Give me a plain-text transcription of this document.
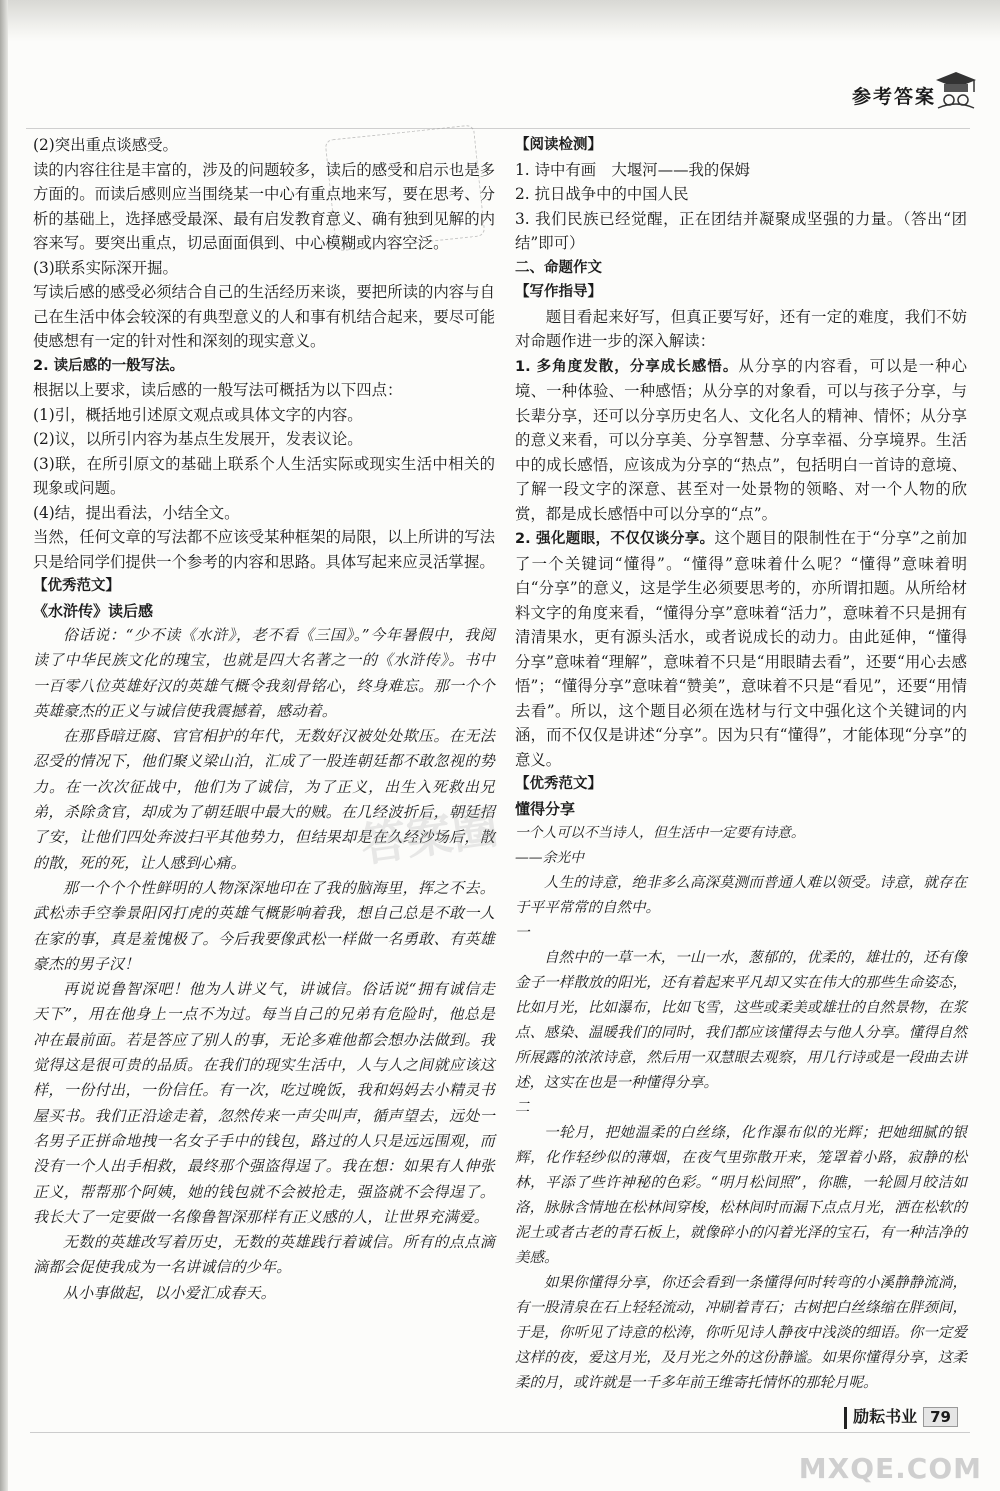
参考答案

(2)突出重点谈感受。

读的内容往往是丰富的，涉及的问题较多，读后的感受和启示也是多方面的。而读后感则应当围绕某一中心有重点地来写，要在思考、分析的基础上，选择感受最深、最有启发教育意义、确有独到见解的内容来写。要突出重点，切忌面面俱到、中心模糊或内容空泛。

(3)联系实际深开掘。

写读后感的感受必须结合自己的生活经历来谈，要把所读的内容与自己在生活中体会较深的有典型意义的人和事有机结合起来，要尽可能使感想有一定的针对性和深刻的现实意义。

2. 读后感的一般写法。

根据以上要求，读后感的一般写法可概括为以下四点：

(1)引，概括地引述原文观点或具体文字的内容。

(2)议，以所引内容为基点生发展开，发表议论。

(3)联，在所引原文的基础上联系个人生活实际或现实生活中相关的现象或问题。

(4)结，提出看法，小结全文。

当然，任何文章的写法都不应该受某种框架的局限，以上所讲的写法只是给同学们提供一个参考的内容和思路。具体写起来应灵活掌握。

【优秀范文】

《水浒传》读后感

俗话说：“少不读《水浒》，老不看《三国》。”今年暑假中，我阅读了中华民族文化的瑰宝，也就是四大名著之一的《水浒传》。书中一百零八位英雄好汉的英雄气概令我刻骨铭心，终身难忘。那一个个英雄豪杰的正义与诚信使我震撼着，感动着。

在那昏暗迂腐、官官相护的年代，无数好汉被处处欺压。在无法忍受的情况下，他们聚义梁山泊，汇成了一股连朝廷都不敢忽视的势力。在一次次征战中，他们为了诚信，为了正义，出生入死救出兄弟，杀除贪官，却成为了朝廷眼中最大的贼。在几经波折后，朝廷招了安，让他们四处奔波扫平其他势力，但结果却是在久经沙场后，散的散，死的死，让人感到心痛。

那一个个个性鲜明的人物深深地印在了我的脑海里，挥之不去。武松赤手空拳景阳冈打虎的英雄气概影响着我，想自己总是不敢一人在家的事，真是羞愧极了。今后我要像武松一样做一名勇敢、有英雄豪杰的男子汉！

再说说鲁智深吧！他为人讲义气，讲诚信。俗话说“拥有诚信走天下”，用在他身上一点不为过。每当自己的兄弟有危险时，他总是冲在最前面。若是答应了别人的事，无论多难他都会想办法做到。我觉得这是很可贵的品质。在我们的现实生活中，人与人之间就应该这样，一份付出，一份信任。有一次，吃过晚饭，我和妈妈去小精灵书屋买书。我们正沿途走着，忽然传来一声尖叫声，循声望去，远处一名男子正拼命地拽一名女子手中的钱包，路过的人只是远远围观，而没有一个人出手相救，最终那个强盗得逞了。我在想：如果有人伸张正义，帮帮那个阿姨，她的钱包就不会被抢走，强盗就不会得逞了。我长大了一定要做一名像鲁智深那样有正义感的人，让世界充满爱。

无数的英雄改写着历史，无数的英雄践行着诚信。所有的点点滴滴都会促使我成为一名讲诚信的少年。

从小事做起，以小爱汇成春天。

【阅读检测】

1. 诗中有画　大堰河——我的保姆

2. 抗日战争中的中国人民

3. 我们民族已经觉醒，正在团结并凝聚成坚强的力量。（答出“团结”即可）

二、命题作文

【写作指导】

题目看起来好写，但真正要写好，还有一定的难度，我们不妨对命题作进一步的深入解读：

1. 多角度发散，分享成长感悟。从分享的内容看，可以是一种心境、一种体验、一种感悟；从分享的对象看，可以与孩子分享，与长辈分享，还可以分享历史名人、文化名人的精神、情怀；从分享的意义来看，可以分享美、分享智慧、分享幸福、分享境界。生活中的成长感悟，应该成为分享的“热点”，包括明白一首诗的意境、了解一段文字的深意、甚至对一处景物的领略、对一个人物的欣赏，都是成长感悟中可以分享的“点”。

2. 强化题眼，不仅仅谈分享。这个题目的限制性在于“分享”之前加了一个关键词“懂得”。“懂得”意味着什么呢？“懂得”意味着明白“分享”的意义，这是学生必须要思考的，亦所谓扣题。从所给材料文字的角度来看，“懂得分享”意味着“活力”，意味着不只是拥有清清果水，更有源头活水，或者说成长的动力。由此延伸，“懂得分享”意味着“理解”，意味着不只是“用眼睛去看”，还要“用心去感悟”；“懂得分享”意味着“赞美”，意味着不只是“看见”，还要“用情去看”。所以，这个题目必须在选材与行文中强化这个关键词的内涵，而不仅仅是讲述“分享”。因为只有“懂得”，才能体现“分享”的意义。

【优秀范文】

懂得分享

一个人可以不当诗人，但生活中一定要有诗意。

——余光中

人生的诗意，绝非多么高深莫测而普通人难以领受。诗意，就存在于平平常常的自然中。

一

自然中的一草一木，一山一水，葱郁的，优柔的，雄壮的，还有像金子一样散放的阳光，还有着起来平凡却又实在伟大的那些生命姿态，比如月光，比如瀑布，比如飞雪，这些或柔美或雄壮的自然景物，在浆点、感染、温暖我们的同时，我们都应该懂得去与他人分享。懂得自然所展露的浓浓诗意，然后用一双慧眼去观察，用几行诗或是一段曲去讲述，这实在也是一种懂得分享。

二

一轮月，把她温柔的白丝绦，化作瀑布似的光辉；把她细腻的银辉，化作轻纱似的薄烟，在夜气里弥散开来，笼罩着小路，寂静的松林，平添了些许神秘的色彩。“明月松间照”，你瞧，一轮圆月皎洁如洛，脉脉含情地在松林间穿梭，松林间时而漏下点点月光，洒在松软的泥土或者古老的青石板上，就像碎小的闪着光泽的宝石，有一种洁净的美感。

如果你懂得分享，你还会看到一条懂得何时转弯的小溪静静流淌，有一股清泉在石上轻轻流动，冲刷着青石；古树把白丝绦缩在胖颈间，于是，你听见了诗意的松涛，你听见诗人静夜中浅淡的细语。你一定爱这样的夜，爱这月光，及月光之外的这份静谧。如果你懂得分享，这柔柔的月，或许就是一千多年前王维寄托情怀的那轮月呢。

答案圈
励耘书业 79
MXQE.COM
